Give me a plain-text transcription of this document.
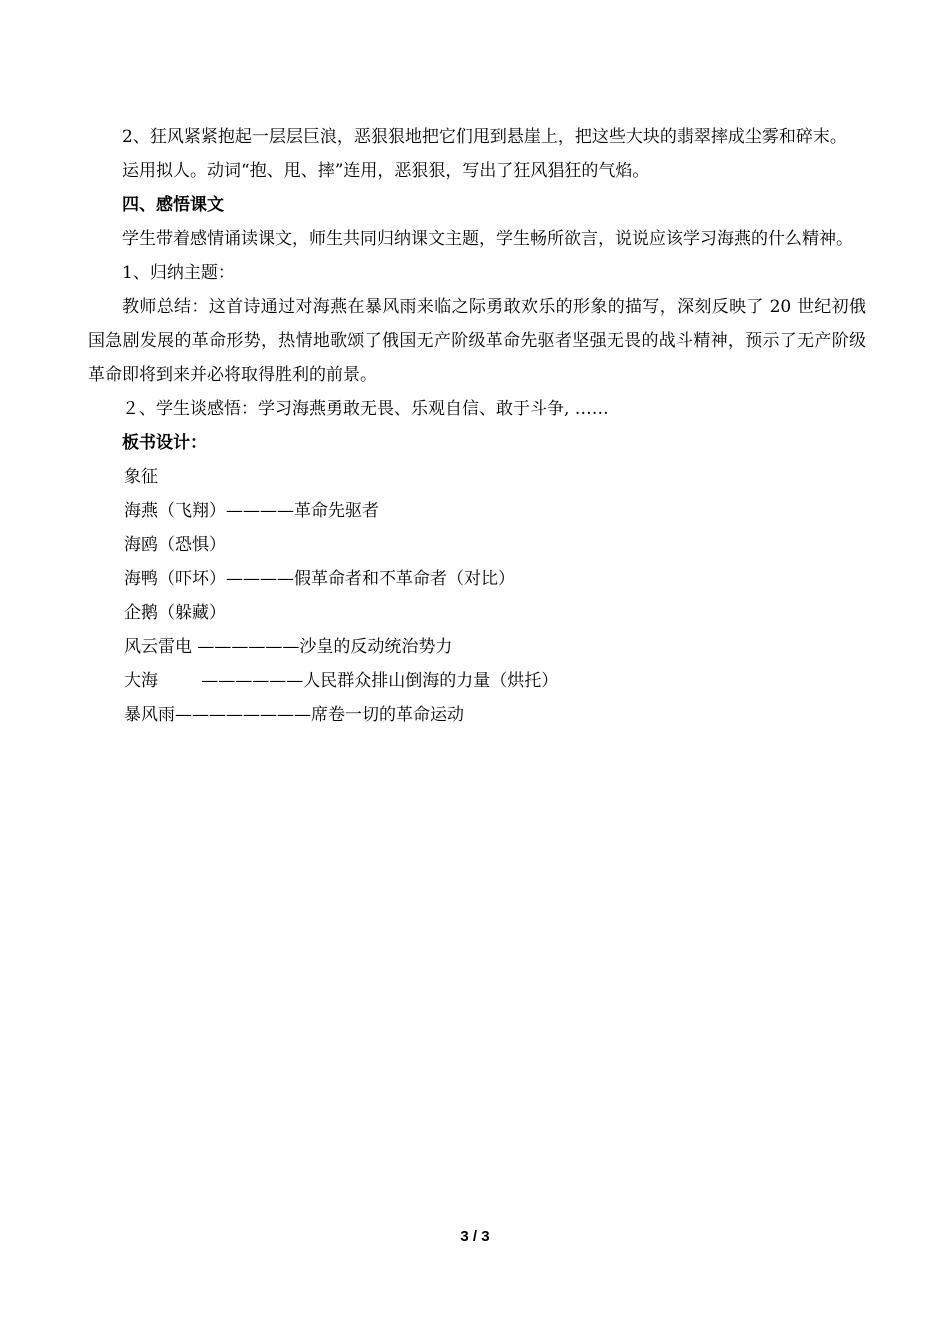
2、狂风紧紧抱起一层层巨浪，恶狠狠地把它们甩到悬崖上，把这些大块的翡翠摔成尘雾和碎末。

运用拟人。动词“抱、甩、摔”连用，恶狠狠，写出了狂风猖狂的气焰。

四、感悟课文

学生带着感情诵读课文，师生共同归纳课文主题，学生畅所欲言，说说应该学习海燕的什么精神。

1、归纳主题：

教师总结：这首诗通过对海燕在暴风雨来临之际勇敢欢乐的形象的描写，深刻反映了 20 世纪初俄国急剧发展的革命形势，热情地歌颂了俄国无产阶级革命先驱者坚强无畏的战斗精神，预示了无产阶级革命即将到来并必将取得胜利的前景。

２、学生谈感悟：学习海燕勇敢无畏、乐观自信、敢于斗争, ……

板书设计：

象征

海燕（飞翔）————革命先驱者

海鸥（恐惧）

海鸭（吓坏）————假革命者和不革命者（对比）

企鹅（躲藏）

风云雷电 ——————沙皇的反动统治势力

大海        ——————人民群众排山倒海的力量（烘托）

暴风雨————————席卷一切的革命运动

3 / 3
